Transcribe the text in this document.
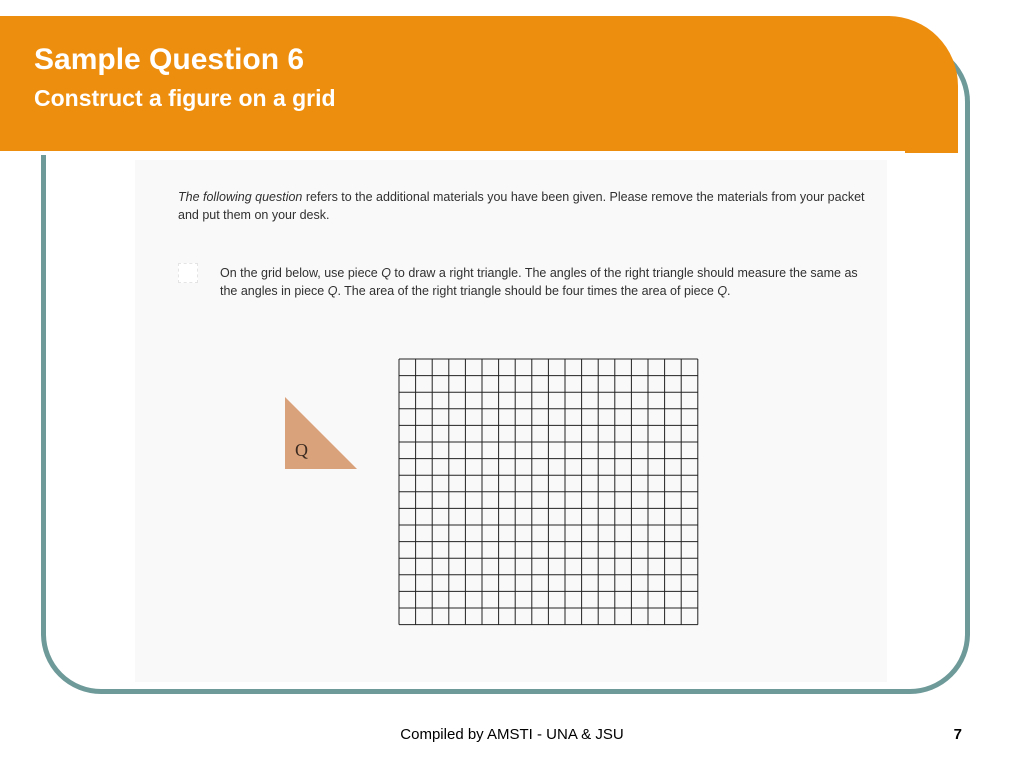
Sample Question 6
Construct a figure on a grid
The following question refers to the additional materials you have been given. Please remove the materials from your packet and put them on your desk.
On the grid below, use piece Q to draw a right triangle. The angles of the right triangle should measure the same as the angles in piece Q. The area of the right triangle should be four times the area of piece Q.
Q
Compiled by AMSTI - UNA & JSU	7
